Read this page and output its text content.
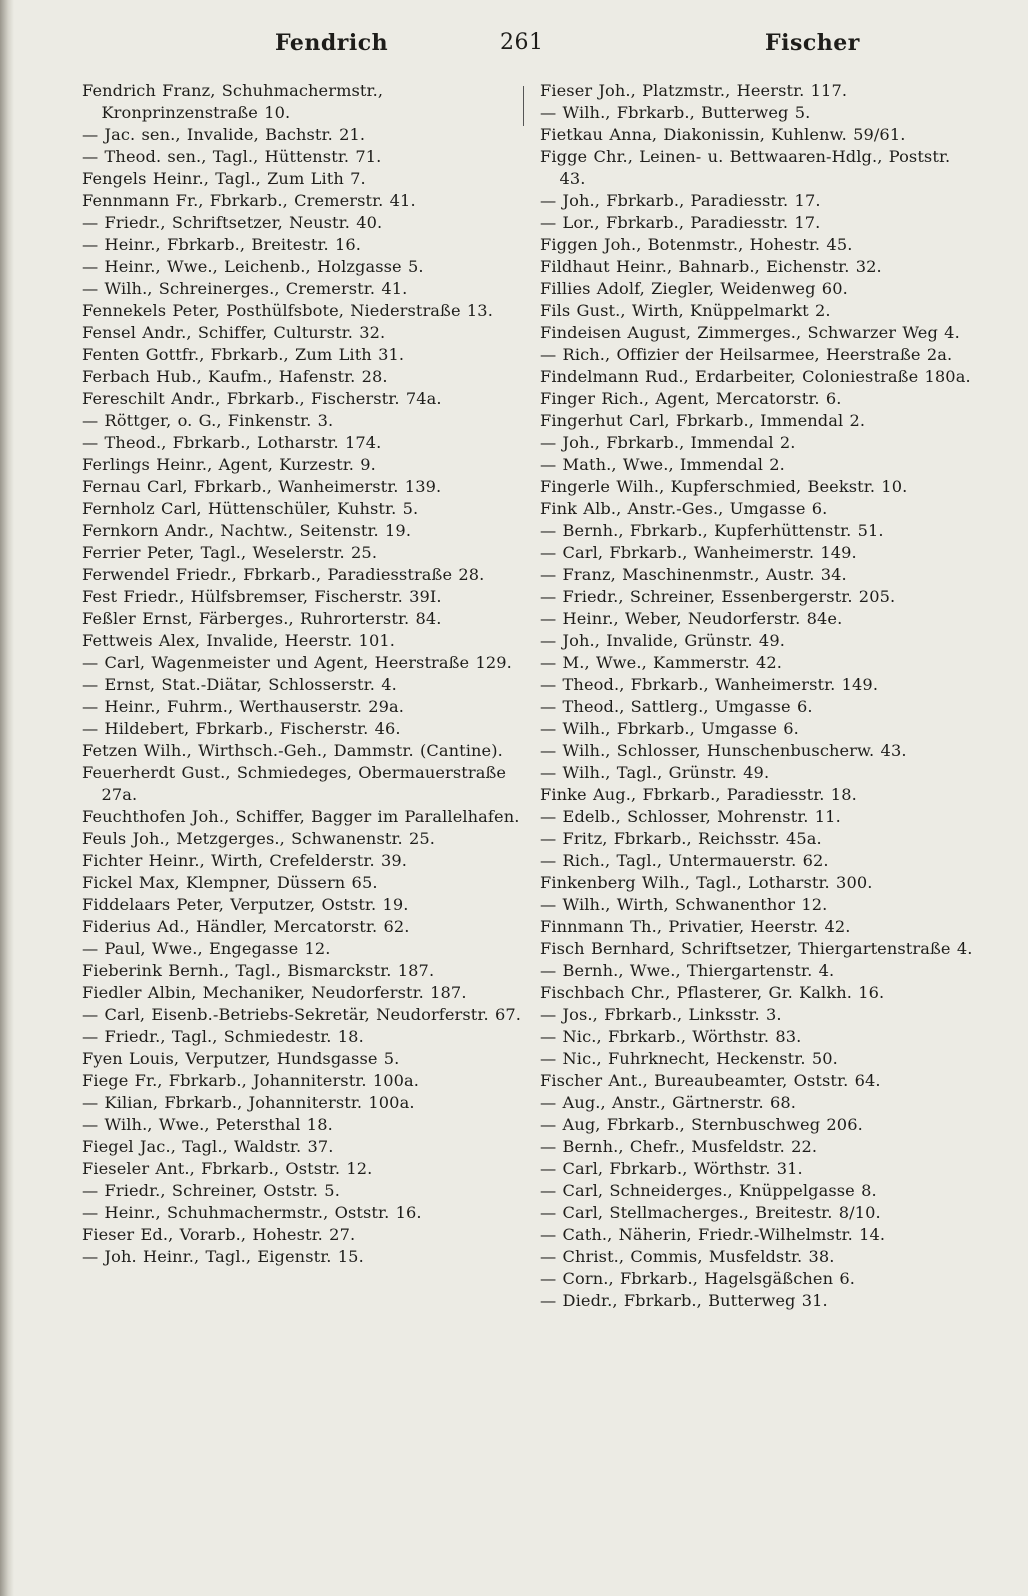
Fendrich	261	Fischer
Fendrich Franz, Schuhmachermstr., Kronprinzenstraße 10.
— Jac. sen., Invalide, Bachstr. 21.
— Theod. sen., Tagl., Hüttenstr. 71.
Fengels Heinr., Tagl., Zum Lith 7.
Fennmann Fr., Fbrkarb., Cremerstr. 41.
— Friedr., Schriftsetzer, Neustr. 40.
— Heinr., Fbrkarb., Breitestr. 16.
— Heinr., Wwe., Leichenb., Holzgasse 5.
— Wilh., Schreinerges., Cremerstr. 41.
Fennekels Peter, Posthülfsbote, Niederstraße 13.
Fensel Andr., Schiffer, Culturstr. 32.
Fenten Gottfr., Fbrkarb., Zum Lith 31.
Ferbach Hub., Kaufm., Hafenstr. 28.
Fereschilt Andr., Fbrkarb., Fischerstr. 74a.
— Röttger, o. G., Finkenstr. 3.
— Theod., Fbrkarb., Lotharstr. 174.
Ferlings Heinr., Agent, Kurzestr. 9.
Fernau Carl, Fbrkarb., Wanheimerstr. 139.
Fernholz Carl, Hüttenschüler, Kuhstr. 5.
Fernkorn Andr., Nachtw., Seitenstr. 19.
Ferrier Peter, Tagl., Weselerstr. 25.
Ferwendel Friedr., Fbrkarb., Paradiesstraße 28.
Fest Friedr., Hülfsbremser, Fischerstr. 39I.
Feßler Ernst, Färberges., Ruhrorterstr. 84.
Fettweis Alex, Invalide, Heerstr. 101.
— Carl, Wagenmeister und Agent, Heerstraße 129.
— Ernst, Stat.-Diätar, Schlosserstr. 4.
— Heinr., Fuhrm., Werthauserstr. 29a.
— Hildebert, Fbrkarb., Fischerstr. 46.
Fetzen Wilh., Wirthsch.-Geh., Dammstr. (Cantine).
Feuerherdt Gust., Schmiedeges, Obermauerstraße 27a.
Feuchthofen Joh., Schiffer, Bagger im Parallelhafen.
Feuls Joh., Metzgerges., Schwanenstr. 25.
Fichter Heinr., Wirth, Crefelderstr. 39.
Fickel Max, Klempner, Düssern 65.
Fiddelaars Peter, Verputzer, Oststr. 19.
Fiderius Ad., Händler, Mercatorstr. 62.
— Paul, Wwe., Engegasse 12.
Fieberink Bernh., Tagl., Bismarckstr. 187.
Fiedler Albin, Mechaniker, Neudorferstr. 187.
— Carl, Eisenb.-Betriebs-Sekretär, Neudorferstr. 67.
— Friedr., Tagl., Schmiedestr. 18.
Fyen Louis, Verputzer, Hundsgasse 5.
Fiege Fr., Fbrkarb., Johanniterstr. 100a.
— Kilian, Fbrkarb., Johanniterstr. 100a.
— Wilh., Wwe., Petersthal 18.
Fiegel Jac., Tagl., Waldstr. 37.
Fieseler Ant., Fbrkarb., Oststr. 12.
— Friedr., Schreiner, Oststr. 5.
— Heinr., Schuhmachermstr., Oststr. 16.
Fieser Ed., Vorarb., Hohestr. 27.
— Joh. Heinr., Tagl., Eigenstr. 15.
Fieser Joh., Platzmstr., Heerstr. 117.
— Wilh., Fbrkarb., Butterweg 5.
Fietkau Anna, Diakonissin, Kuhlenw. 59/61.
Figge Chr., Leinen- u. Bettwaaren-Hdlg., Poststr. 43.
— Joh., Fbrkarb., Paradiesstr. 17.
— Lor., Fbrkarb., Paradiesstr. 17.
Figgen Joh., Botenmstr., Hohestr. 45.
Fildhaut Heinr., Bahnarb., Eichenstr. 32.
Fillies Adolf, Ziegler, Weidenweg 60.
Fils Gust., Wirth, Knüppelmarkt 2.
Findeisen August, Zimmerges., Schwarzer Weg 4.
— Rich., Offizier der Heilsarmee, Heerstraße 2a.
Findelmann Rud., Erdarbeiter, Coloniestraße 180a.
Finger Rich., Agent, Mercatorstr. 6.
Fingerhut Carl, Fbrkarb., Immendal 2.
— Joh., Fbrkarb., Immendal 2.
— Math., Wwe., Immendal 2.
Fingerle Wilh., Kupferschmied, Beekstr. 10.
Fink Alb., Anstr.-Ges., Umgasse 6.
— Bernh., Fbrkarb., Kupferhüttenstr. 51.
— Carl, Fbrkarb., Wanheimerstr. 149.
— Franz, Maschinenmstr., Austr. 34.
— Friedr., Schreiner, Essenbergerstr. 205.
— Heinr., Weber, Neudorferstr. 84e.
— Joh., Invalide, Grünstr. 49.
— M., Wwe., Kammerstr. 42.
— Theod., Fbrkarb., Wanheimerstr. 149.
— Theod., Sattlerg., Umgasse 6.
— Wilh., Fbrkarb., Umgasse 6.
— Wilh., Schlosser, Hunschenbuscherw. 43.
— Wilh., Tagl., Grünstr. 49.
Finke Aug., Fbrkarb., Paradiesstr. 18.
— Edelb., Schlosser, Mohrenstr. 11.
— Fritz, Fbrkarb., Reichsstr. 45a.
— Rich., Tagl., Untermauerstr. 62.
Finkenberg Wilh., Tagl., Lotharstr. 300.
— Wilh., Wirth, Schwanenthor 12.
Finnmann Th., Privatier, Heerstr. 42.
Fisch Bernhard, Schriftsetzer, Thiergartenstraße 4.
— Bernh., Wwe., Thiergartenstr. 4.
Fischbach Chr., Pflasterer, Gr. Kalkh. 16.
— Jos., Fbrkarb., Linksstr. 3.
— Nic., Fbrkarb., Wörthstr. 83.
— Nic., Fuhrknecht, Heckenstr. 50.
Fischer Ant., Bureaubeamter, Oststr. 64.
— Aug., Anstr., Gärtnerstr. 68.
— Aug, Fbrkarb., Sternbuschweg 206.
— Bernh., Chefr., Musfeldstr. 22.
— Carl, Fbrkarb., Wörthstr. 31.
— Carl, Schneiderges., Knüppelgasse 8.
— Carl, Stellmacherges., Breitestr. 8/10.
— Cath., Näherin, Friedr.-Wilhelmstr. 14.
— Christ., Commis, Musfeldstr. 38.
— Corn., Fbrkarb., Hagelsgäßchen 6.
— Diedr., Fbrkarb., Butterweg 31.
